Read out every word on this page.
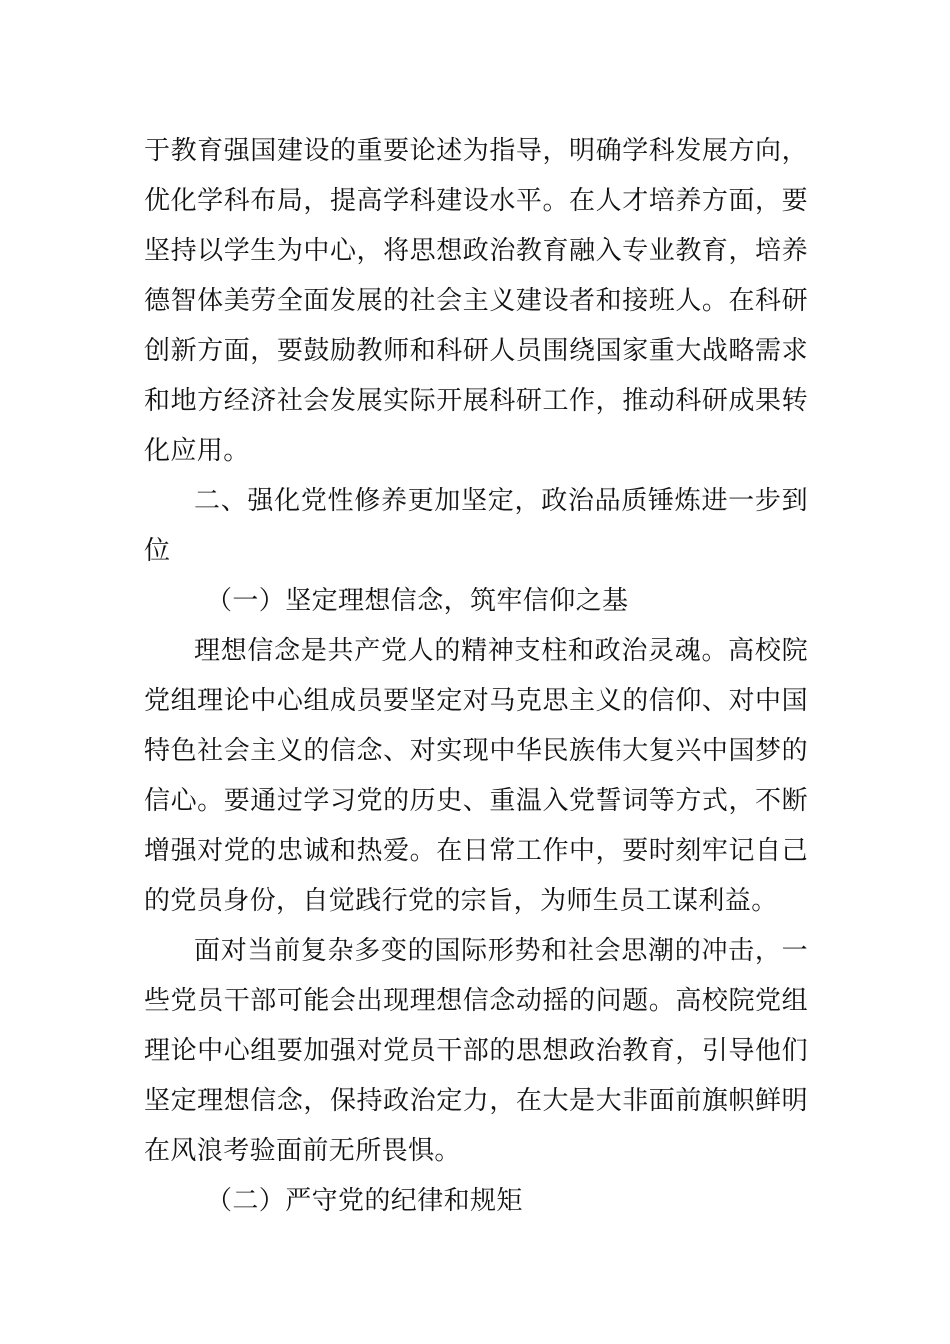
于教育强国建设的重要论述为指导，明确学科发展方向，

优化学科布局，提高学科建设水平。在人才培养方面，要

坚持以学生为中心，将思想政治教育融入专业教育，培养

德智体美劳全面发展的社会主义建设者和接班人。在科研

创新方面，要鼓励教师和科研人员围绕国家重大战略需求

和地方经济社会发展实际开展科研工作，推动科研成果转

化应用。

二、强化党性修养更加坚定，政治品质锤炼进一步到

位

（一）坚定理想信念，筑牢信仰之基

理想信念是共产党人的精神支柱和政治灵魂。高校院

党组理论中心组成员要坚定对马克思主义的信仰、对中国

特色社会主义的信念、对实现中华民族伟大复兴中国梦的

信心。要通过学习党的历史、重温入党誓词等方式，不断

增强对党的忠诚和热爱。在日常工作中，要时刻牢记自己

的党员身份，自觉践行党的宗旨，为师生员工谋利益。

面对当前复杂多变的国际形势和社会思潮的冲击，一

些党员干部可能会出现理想信念动摇的问题。高校院党组

理论中心组要加强对党员干部的思想政治教育，引导他们

坚定理想信念，保持政治定力，在大是大非面前旗帜鲜明

在风浪考验面前无所畏惧。

（二）严守党的纪律和规矩
